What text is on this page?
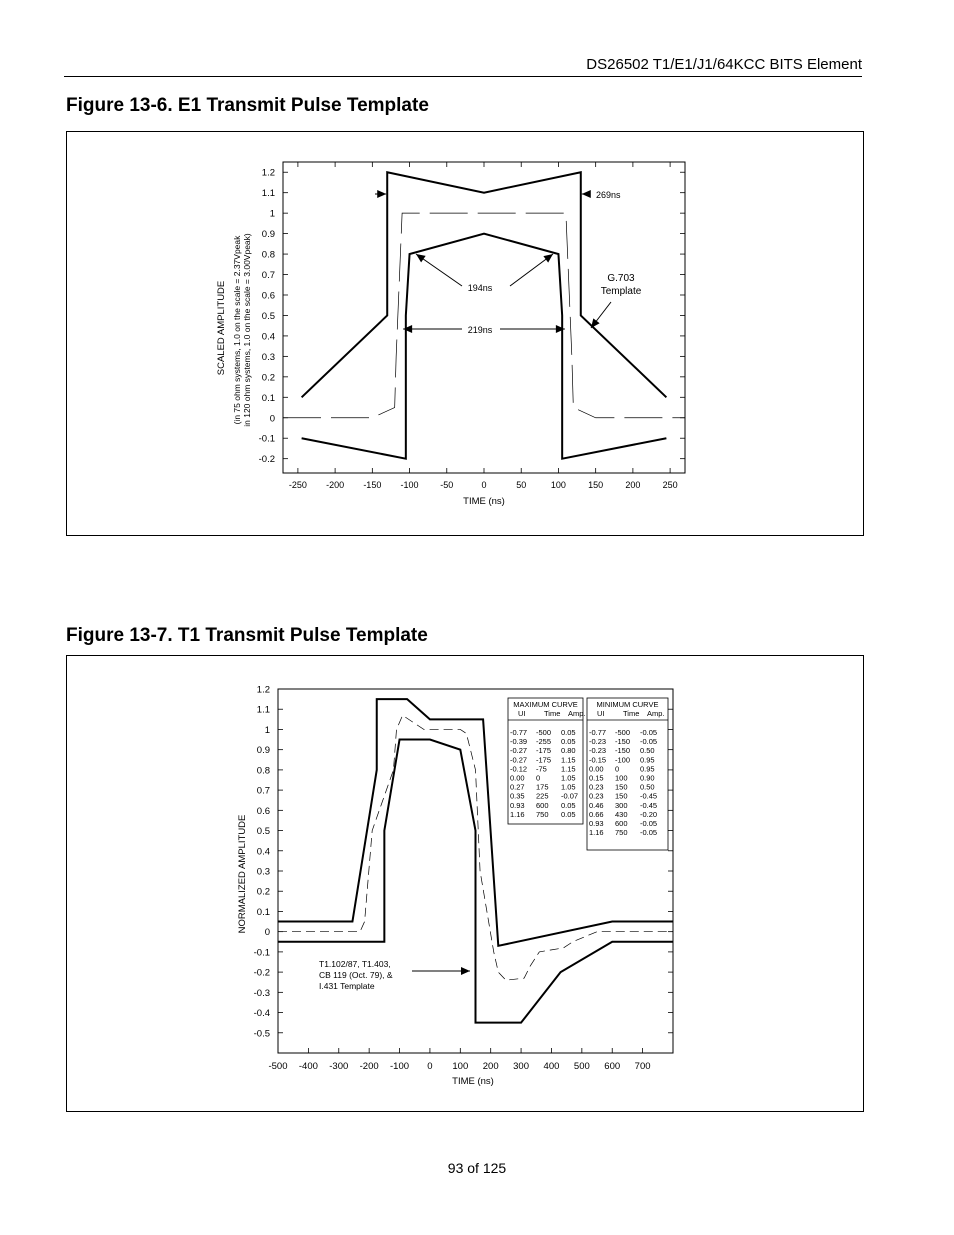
DS26502 T1/E1/J1/64KCC BITS Element
Figure 13-6. E1 Transmit Pulse Template
1.2
1.1
1
0.9
0.8
0.7
0.6
0.5
0.4
0.3
0.2
0.1
0
-0.1
-0.2
-250 -200 -150 -100 -50	0	50	100 150 200 250
TIME (ns)
SCALED AMPLITUDE (in 75 ohm systems, 1.0 on the scale = 2.37Vpeak in 120 ohm systems, 1.0 on the scale = 3.00Vpeak)
269ns
194ns
219ns
G.703
Template
Figure 13-7. T1 Transmit Pulse Template
1.2
1.1
1
0.9
0.8
0.7
0.6
0.5
0.4
0.3
0.2
0.1
0
-0.1
-0.2
-0.3
-0.4
-0.5
-500 -400 -300 -200 -100 0 100 200 300 400 500 600 700
TIME (ns)
NORMALIZED AMPLITUDE
T1.102/87, T1.403,
CB 119 (Oct. 79), &
I.431 Template
MAXIMUM CURVE
UI Time Amp.
-0.77 -500 0.05
-0.39 -255 0.05
-0.27 -175 0.80
-0.27 -175 1.15
-0.12 -75 1.15
0.00 0	1.05
0.27 175 1.05
0.35 225 -0.07
0.93 600 0.05
1.16 750 0.05
MINIMUM CURVE
UI Time Amp.
-0.77 -500 -0.05
-0.23 -150 -0.05
-0.23 -150 0.50
-0.15 -100 0.95
0.00 0	0.95
0.15 100 0.90
0.23 150 0.50
0.23 150 -0.45
0.46 300 -0.45
0.66 430 -0.20
0.93 600 -0.05
1.16 750 -0.05
93 of 125
